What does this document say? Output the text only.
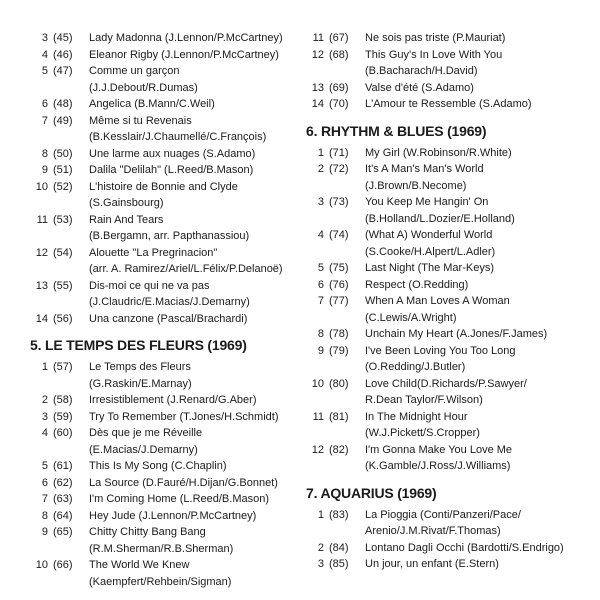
3 (45)	Lady Madonna (J.Lennon/P.McCartney)
4 (46)	Eleanor Rigby (J.Lennon/P.McCartney)
5 (47)	Comme un garçon
(J.J.Debout/R.Dumas)
6 (48)	Angelica (B.Mann/C.Weil)
7 (49)	Même si tu Revenais
(B.Kesslair/J.Chaumellé/C.François)
8 (50)	Une larme aux nuages (S.Adamo)
9 (51)	Dalila "Delilah" (L.Reed/B.Mason)
10 (52)	L'histoire de Bonnie and Clyde
(S.Gainsbourg)
11 (53)	Rain And Tears
(B.Bergamn, arr. Papthanassiou)
12 (54)	Alouette "La Pregrinacion"
(arr. A. Ramirez/Ariel/L.Félix/P.Delanoë)
13 (55)	Dis-moi ce qui ne va pas
(J.Claudric/E.Macias/J.Demarny)
14 (56)	Una canzone (Pascal/Brachardi)
5. LE TEMPS DES FLEURS (1969)
1 (57)	Le Temps des Fleurs
(G.Raskin/E.Marnay)
2 (58)	Irresistiblement (J.Renard/G.Aber)
3 (59)	Try To Remember (T.Jones/H.Schmidt)
4 (60)	Dès que je me Réveille
(E.Macias/J.Demarny)
5 (61)	This Is My Song (C.Chaplin)
6 (62)	La Source (D.Fauré/H.Dijan/G.Bonnet)
7 (63)	I'm Coming Home (L.Reed/B.Mason)
8 (64)	Hey Jude (J.Lennon/P.McCartney)
9 (65)	Chitty Chitty Bang Bang
(R.M.Sherman/R.B.Sherman)
10 (66)	The World We Knew
(Kaempfert/Rehbein/Sigman)
11 (67)	Ne sois pas triste (P.Mauriat)
12 (68)	This Guy's In Love With You
(B.Bacharach/H.David)
13 (69)	Valse d'été (S.Adamo)
14 (70)	L'Amour te Ressemble (S.Adamo)
6. RHYTHM & BLUES (1969)
1 (71)	My Girl (W.Robinson/R.White)
2 (72)	It's A Man's Man's World
(J.Brown/B.Necome)
3 (73)	You Keep Me Hangin' On
(B.Holland/L.Dozier/E.Holland)
4 (74)	(What A) Wonderful World
(S.Cooke/H.Alpert/L.Adler)
5 (75)	Last Night (The Mar-Keys)
6 (76)	Respect (O.Redding)
7 (77)	When A Man Loves A Woman
(C.Lewis/A.Wright)
8 (78)	Unchain My Heart (A.Jones/F.James)
9 (79)	I've Been Loving You Too Long
(O.Redding/J.Butler)
10 (80)	Love Child(D.Richards/P.Sawyer/
R.Dean Taylor/F.Wilson)
11 (81)	In The Midnight Hour
(W.J.Pickett/S.Cropper)
12 (82)	I'm Gonna Make You Love Me
(K.Gamble/J.Ross/J.Williams)
7. AQUARIUS (1969)
1 (83)	La Pioggia (Conti/Panzeri/Pace/
Arenio/J.M.Rivat/F.Thomas)
2 (84)	Lontano Dagli Occhi (Bardotti/S.Endrigo)
3 (85)	Un jour, un enfant (E.Stern)
